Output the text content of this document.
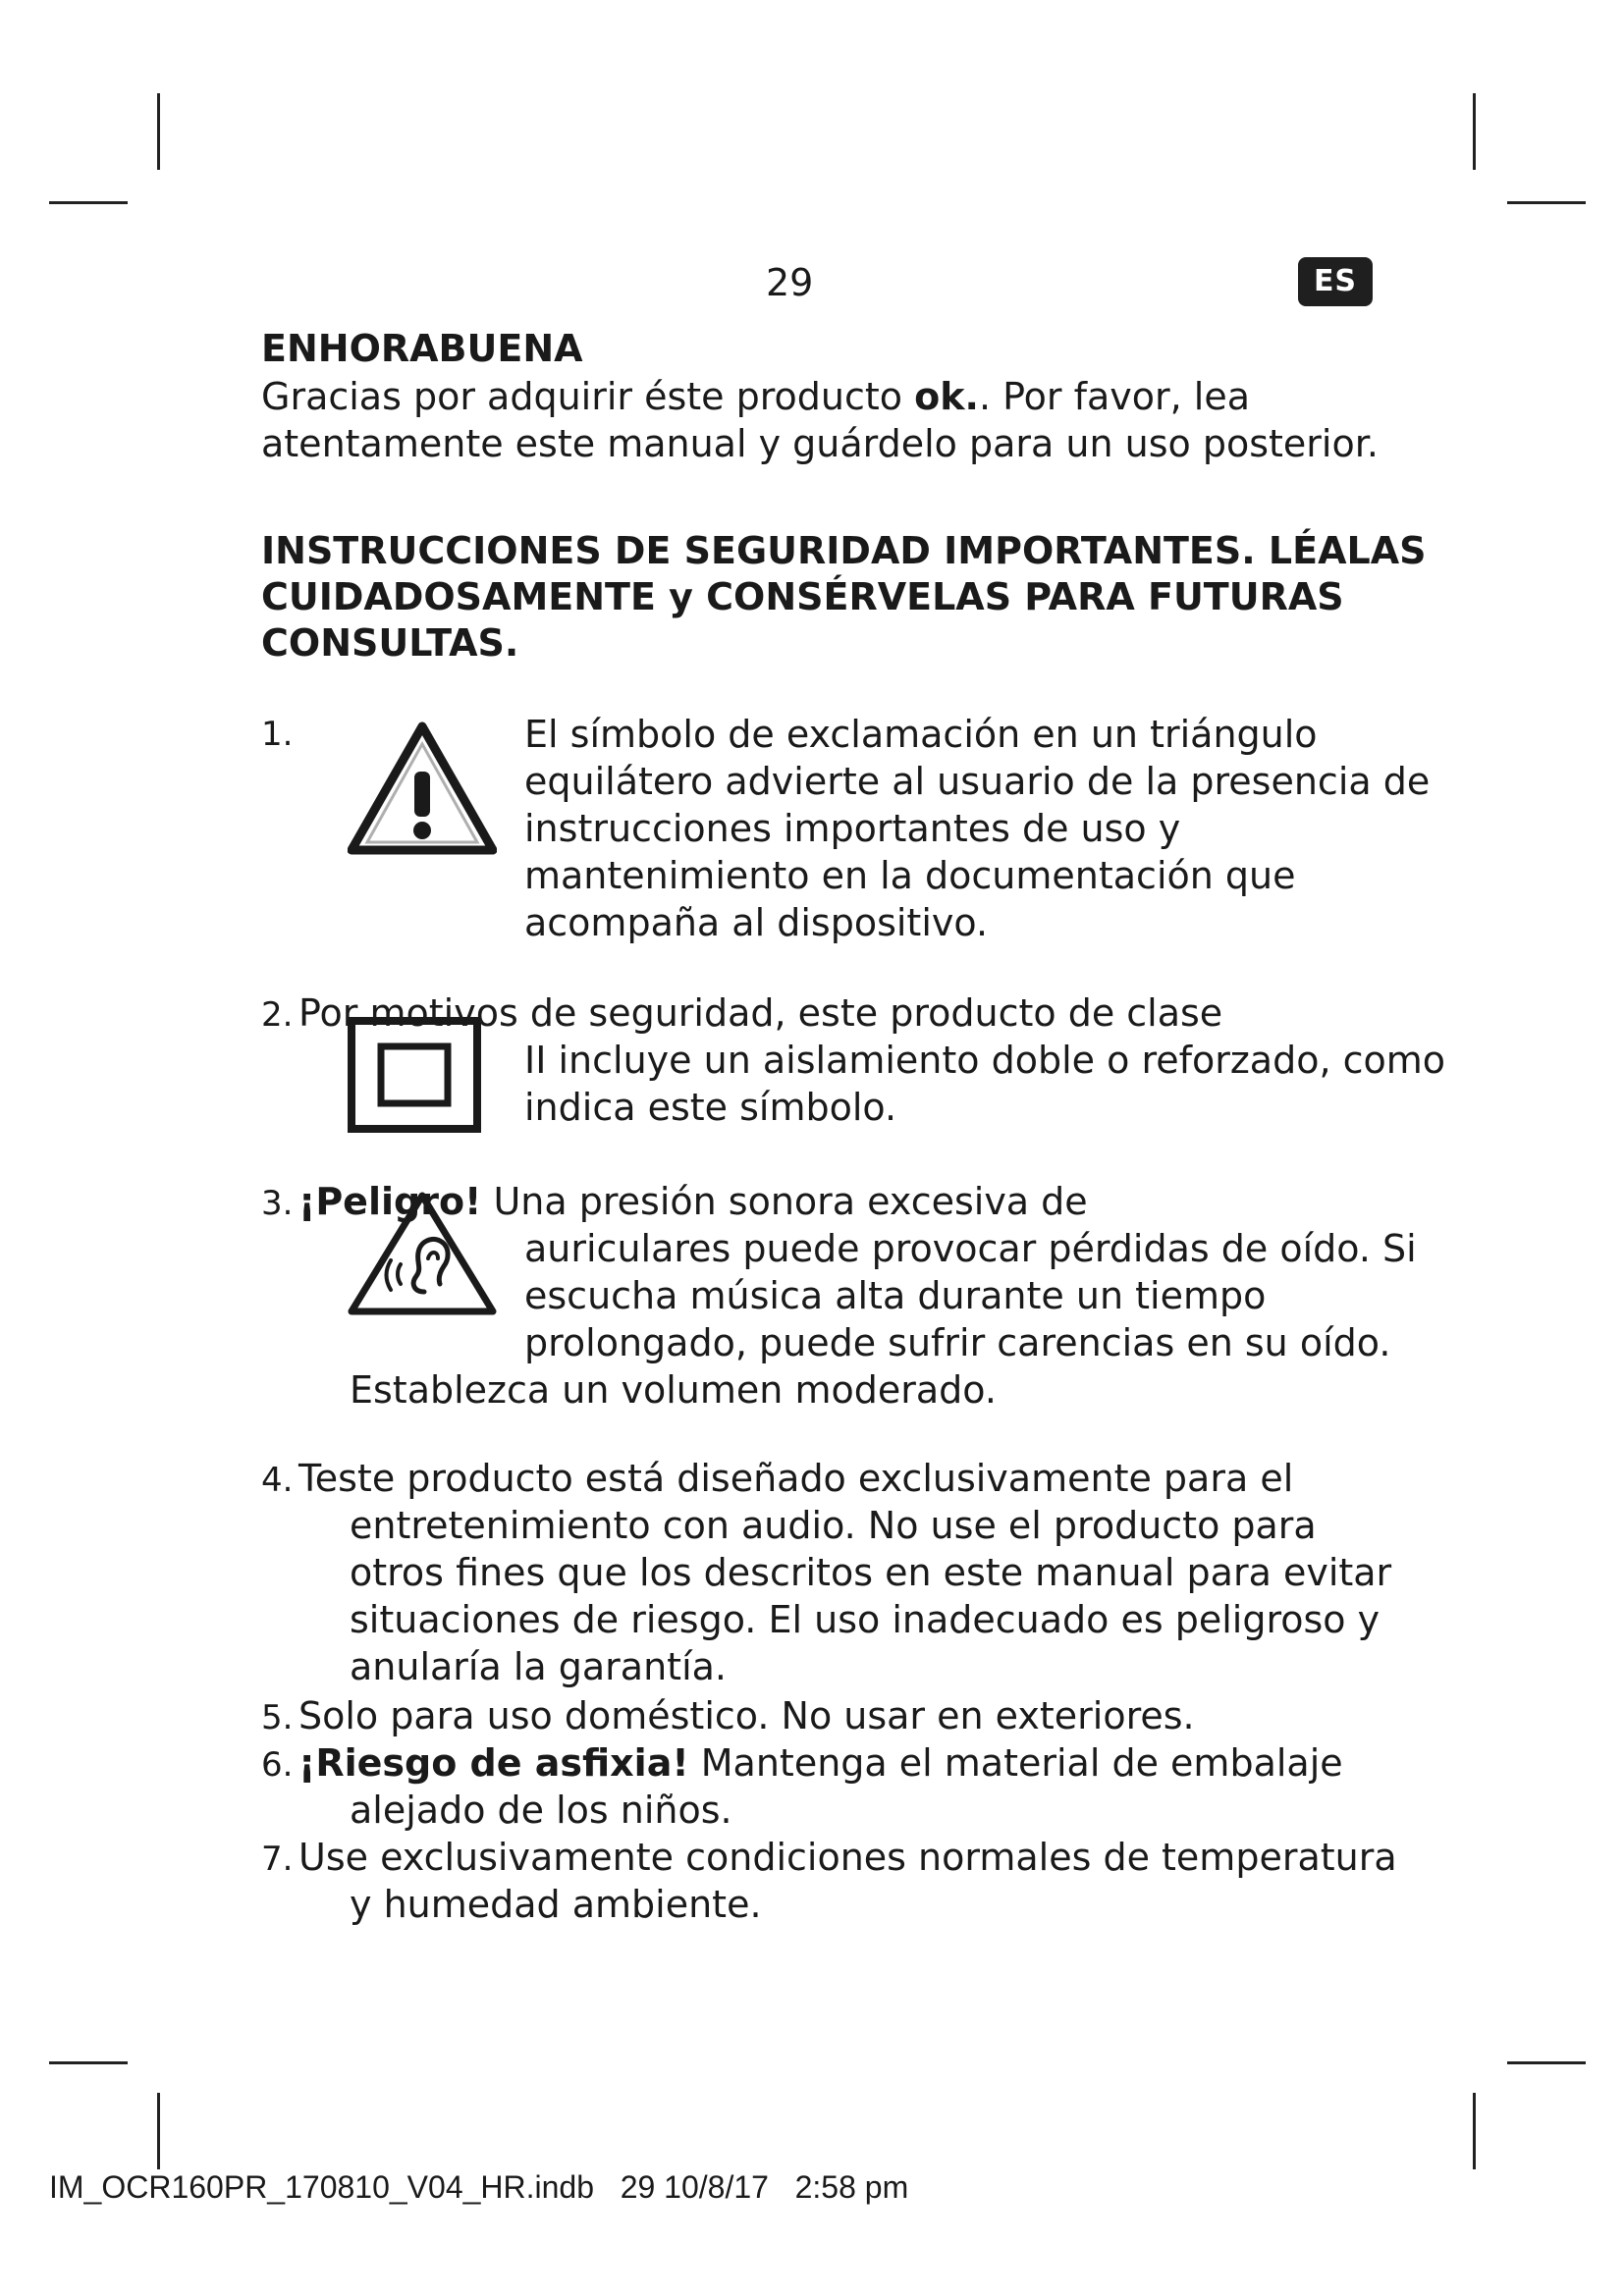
29	ES
ENHORABUENA
Gracias por adquirir éste producto ok.. Por favor, lea
atentamente este manual y guárdelo para un uso posterior.
INSTRUCCIONES DE SEGURIDAD IMPORTANTES. LÉALAS
CUIDADOSAMENTE y CONSÉRVELAS PARA FUTURAS
CONSULTAS.
1.	El símbolo de exclamación en un triángulo
equilátero advierte al usuario de la presencia de
instrucciones importantes de uso y
mantenimiento en la documentación que
acompaña al dispositivo.
2. Por motivos de seguridad, este producto de clase
II incluye un aislamiento doble o reforzado, como
indica este símbolo.
3. ¡Peligro! Una presión sonora excesiva de
auriculares puede provocar pérdidas de oído. Si
escucha música alta durante un tiempo
prolongado, puede sufrir carencias en su oído.
Establezca un volumen moderado.
4. Teste producto está diseñado exclusivamente para el
entretenimiento con audio. No use el producto para
otros fines que los descritos en este manual para evitar
situaciones de riesgo. El uso inadecuado es peligroso y
anularía la garantía.
5. Solo para uso doméstico. No usar en exteriores.
6. ¡Riesgo de asfixia! Mantenga el material de embalaje
alejado de los niños.
7. Use exclusivamente condiciones normales de temperatura
y humedad ambiente.
IM_OCR160PR_170810_V04_HR.indb   29 10/8/17   2:58 pm
